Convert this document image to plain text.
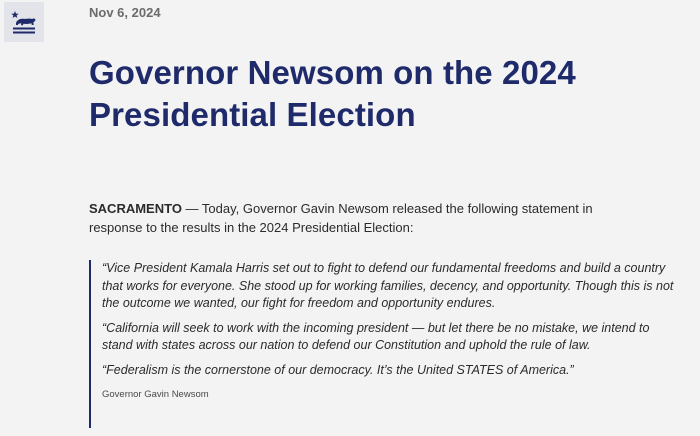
Nov 6, 2024
Governor Newsom on the 2024 Presidential Election

SACRAMENTO — Today, Governor Gavin Newsom released the following statement in response to the results in the 2024 Presidential Election:

“Vice President Kamala Harris set out to fight to defend our fundamental freedoms and build a country that works for everyone. She stood up for working families, decency, and opportunity. Though this is not the outcome we wanted, our fight for freedom and opportunity endures.

“California will seek to work with the incoming president — but let there be no mistake, we intend to stand with states across our nation to defend our Constitution and uphold the rule of law.

“Federalism is the cornerstone of our democracy. It’s the United STATES of America.”

Governor Gavin Newsom
